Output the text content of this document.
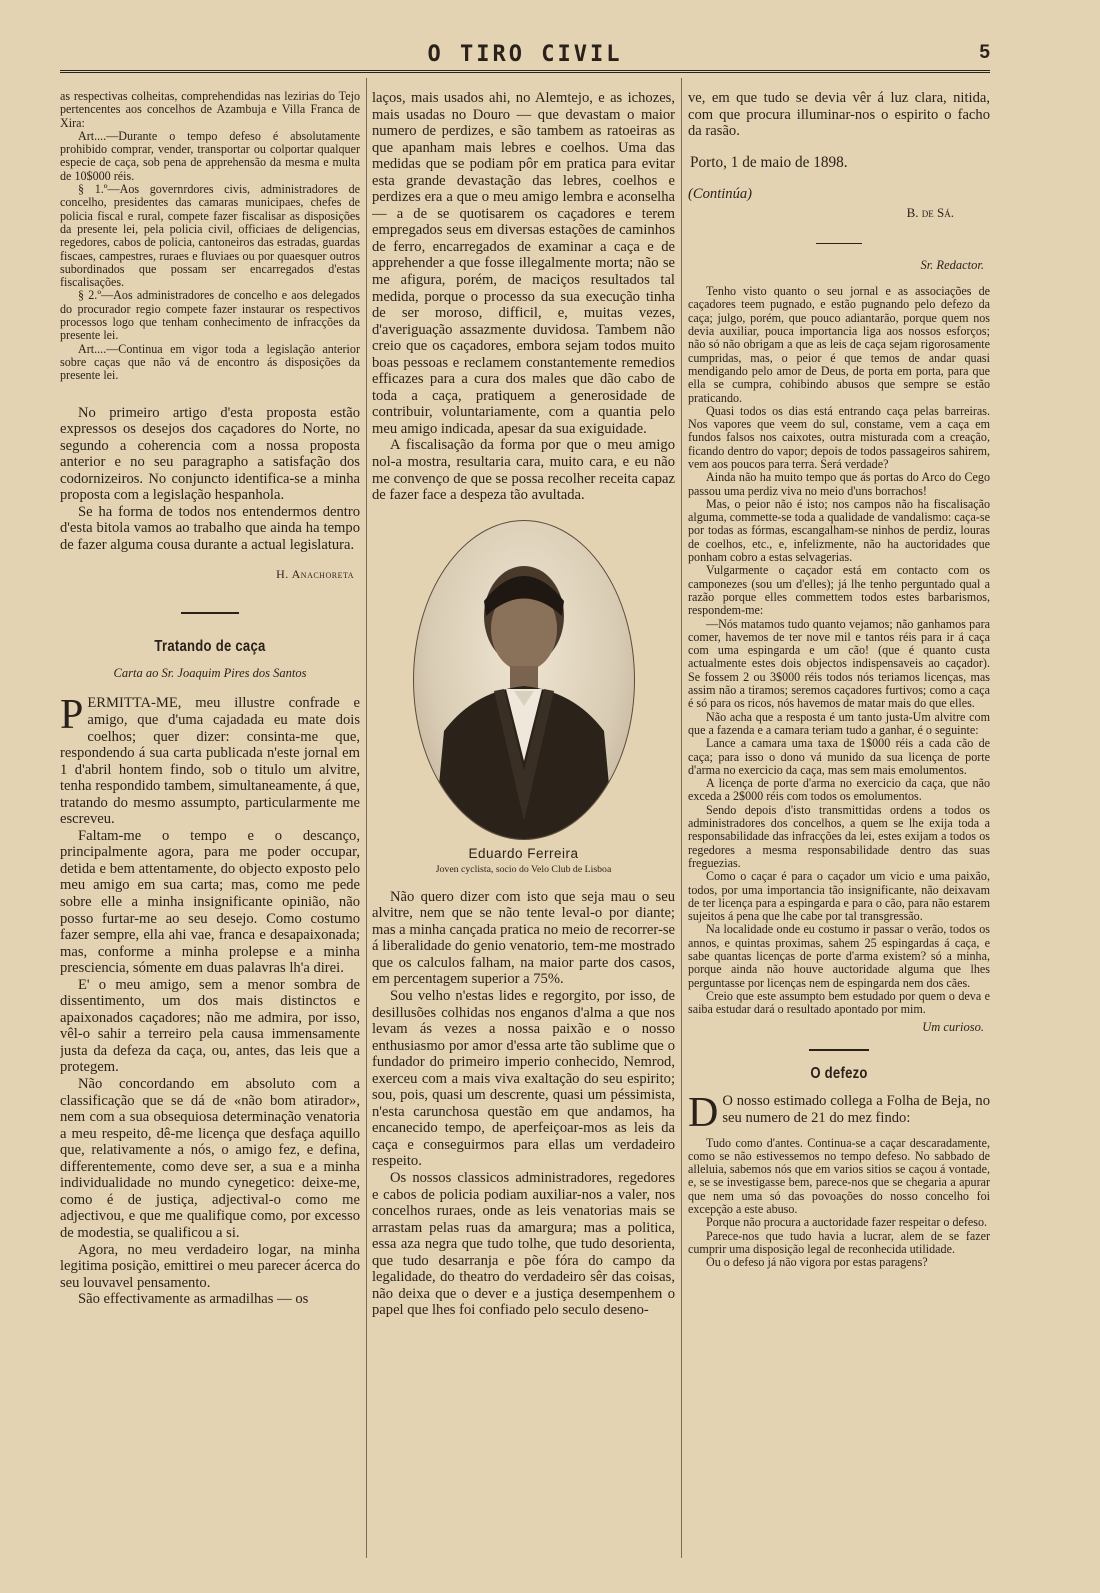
O TIRO CIVIL	5

as respectivas colheitas, comprehendidas nas lezirias do Tejo pertencentes aos concelhos de Azambuja e Villa Franca de Xira:

Art....—Durante o tempo defeso é absolutamente prohibido comprar, vender, transportar ou colportar qualquer especie de caça, sob pena de apprehensão da mesma e multa de 10$000 réis.

§ 1.º—Aos governrdores civis, administradores de concelho, presidentes das camaras municipaes, chefes de policia fiscal e rural, compete fazer fiscalisar as disposições da presente lei, pela policia civil, officiaes de deligencias, regedores, cabos de policia, cantoneiros das estradas, guardas fiscaes, campestres, ruraes e fluviaes ou por quaesquer outros subordinados que possam ser encarregados d'estas fiscalisações.

§ 2.º—Aos administradores de concelho e aos delegados do procurador regio compete fazer instaurar os respectivos processos logo que tenham conhecimento de infracções da presente lei.

Art....—Continua em vigor toda a legislação anterior sobre caças que não vá de encontro ás disposições da presente lei.

No primeiro artigo d'esta proposta estão expressos os desejos dos caçadores do Norte, no segundo a coherencia com a nossa proposta anterior e no seu paragrapho a satisfação dos codornizeiros. No conjuncto identifica-se a minha proposta com a legislação hespanhola.

Se ha forma de todos nos entendermos dentro d'esta bitola vamos ao trabalho que ainda ha tempo de fazer alguma cousa durante a actual legislatura.

H. Anachoreta
Tratando de caça
Carta ao Sr. Joaquim Pires dos Santos

PERMITTA-ME, meu illustre confrade e amigo, que d'uma cajadada eu mate dois coelhos; quer dizer: consinta-me que, respondendo á sua carta publicada n'este jornal em 1 d'abril hontem findo, sob o titulo um alvitre, tenha respondido tambem, simultaneamente, á que, tratando do mesmo assumpto, particularmente me escreveu.

Faltam-me o tempo e o descanço, principalmente agora, para me poder occupar, detida e bem attentamente, do objecto exposto pelo meu amigo em sua carta; mas, como me pede sobre elle a minha insignificante opinião, não posso furtar-me ao seu desejo. Como costumo fazer sempre, ella ahi vae, franca e desapaixonada; mas, conforme a minha prolepse e a minha presciencia, sómente em duas palavras lh'a direi.

E' o meu amigo, sem a menor sombra de dissentimento, um dos mais distinctos e apaixonados caçadores; não me admira, por isso, vêl-o sahir a terreiro pela causa immensamente justa da defeza da caça, ou, antes, das leis que a protegem.

Não concordando em absoluto com a classificação que se dá de «não bom atirador», nem com a sua obsequiosa determinação venatoria a meu respeito, dê-me licença que desfaça aquillo que, relativamente a nós, o amigo fez, e defina, differentemente, como deve ser, a sua e a minha individualidade no mundo cynegetico: deixe-me, como é de justiça, adjectival-o como me adjectivou, e que me qualifique como, por excesso de modestia, se qualificou a si.

Agora, no meu verdadeiro logar, na minha legitima posição, emittirei o meu parecer ácerca do seu louvavel pensamento.

São effectivamente as armadilhas — os

laços, mais usados ahi, no Alemtejo, e as ichozes, mais usadas no Douro — que devastam o maior numero de perdizes, e são tambem as ratoeiras as que apanham mais lebres e coelhos. Uma das medidas que se podiam pôr em pratica para evitar esta grande devastação das lebres, coelhos e perdizes era a que o meu amigo lembra e aconselha — a de se quotisarem os caçadores e terem empregados seus em diversas estações de caminhos de ferro, encarregados de examinar a caça e de apprehender a que fosse illegalmente morta; não se me afigura, porém, de maciços resultados tal medida, porque o processo da sua execução tinha de ser moroso, difficil, e, muitas vezes, d'averiguação assazmente duvidosa. Tambem não creio que os caçadores, embora sejam todos muito boas pessoas e reclamem constantemente remedios efficazes para a cura dos males que dão cabo de toda a caça, pratiquem a generosidade de contribuir, voluntariamente, com a quantia pelo meu amigo indicada, apesar da sua exiguidade.

A fiscalisação da forma por que o meu amigo nol-a mostra, resultaria cara, muito cara, e eu não me convenço de que se possa recolher receita capaz de fazer face a despeza tão avultada.

Eduardo Ferreira
Joven cyclista, socio do Velo Club de Lisboa

Não quero dizer com isto que seja mau o seu alvitre, nem que se não tente leval-o por diante; mas a minha cançada pratica no meio de recorrer-se á liberalidade do genio venatorio, tem-me mostrado que os calculos falham, na maior parte dos casos, em percentagem superior a 75%.

Sou velho n'estas lides e regorgito, por isso, de desillusões colhidas nos enganos d'alma a que nos levam ás vezes a nossa paixão e o nosso enthusiasmo por amor d'essa arte tão sublime que o fundador do primeiro imperio conhecido, Nemrod, exerceu com a mais viva exaltação do seu espirito; sou, pois, quasi um descrente, quasi um péssimista, n'esta carunchosa questão em que andamos, ha encanecido tempo, de aperfeiçoar-mos as leis da caça e conseguirmos para ellas um verdadeiro respeito.

Os nossos classicos administradores, regedores e cabos de policia podiam auxiliar-nos a valer, nos concelhos ruraes, onde as leis venatorias mais se arrastam pelas ruas da amargura; mas a politica, essa aza negra que tudo tolhe, que tudo desorienta, que tudo desarranja e põe fóra do campo da legalidade, do theatro do verdadeiro sêr das coisas, não deixa que o dever e a justiça desempenhem o papel que lhes foi confiado pelo seculo deseno-

ve, em que tudo se devia vêr á luz clara, nitida, com que procura illuminar-nos o espirito o facho da rasão.

Porto, 1 de maio de 1898.

(Continúa)
B. de Sá.
Sr. Redactor.

Tenho visto quanto o seu jornal e as associações de caçadores teem pugnado, e estão pugnando pelo defezo da caça; julgo, porém, que pouco adiantarão, porque quem nos devia auxiliar, pouca importancia liga aos nossos esforços; não só não obrigam a que as leis de caça sejam rigorosamente cumpridas, mas, o peior é que temos de andar quasi mendigando pelo amor de Deus, de porta em porta, para que ella se cumpra, cohibindo abusos que sempre se estão praticando.

Quasi todos os dias está entrando caça pelas barreiras. Nos vapores que veem do sul, constame, vem a caça em fundos falsos nos caixotes, outra misturada com a creação, ficando dentro do vapor; depois de todos passageiros sahirem, vem aos poucos para terra. Será verdade?

Ainda não ha muito tempo que ás portas do Arco do Cego passou uma perdiz viva no meio d'uns borrachos!

Mas, o peior não é isto; nos campos não ha fiscalisação alguma, commette-se toda a qualidade de vandalismo: caça-se por todas as fórmas, escangalham-se ninhos de perdiz, louras de coelhos, etc., e, infelizmente, não ha auctoridades que ponham cobro a estas selvagerias.

Vulgarmente o caçador está em contacto com os camponezes (sou um d'elles); já lhe tenho perguntado qual a razão porque elles commettem todos estes barbarismos, respondem-me:

—Nós matamos tudo quanto vejamos; não ganhamos para comer, havemos de ter nove mil e tantos réis para ir á caça com uma espingarda e um cão! (que é quanto custa actualmente estes dois objectos indispensaveis ao caçador). Se fossem 2 ou 3$000 réis todos nós teriamos licenças, mas assim não a tiramos; seremos caçadores furtivos; como a caça é só para os ricos, nós havemos de matar mais do que elles.

Não acha que a resposta é um tanto justa-Um alvitre com que a fazenda e a camara teriam tudo a ganhar, é o seguinte:

Lance a camara uma taxa de 1$000 réis a cada cão de caça; para isso o dono vá munido da sua licença de porte d'arma no exercicio da caça, mas sem mais emolumentos.

A licença de porte d'arma no exercicio da caça, que não exceda a 2$000 réis com todos os emolumentos.

Sendo depois d'isto transmittidas ordens a todos os administradores dos concelhos, a quem se lhe exija toda a responsabilidade das infracções da lei, estes exijam a todos os regedores a mesma responsabilidade dentro das suas freguezias.

Como o caçar é para o caçador um vicio e uma paixão, todos, por uma importancia tão insignificante, não deixavam de ter licença para a espingarda e para o cão, para não estarem sujeitos á pena que lhe cabe por tal transgressão.

Na localidade onde eu costumo ir passar o verão, todos os annos, e quintas proximas, sahem 25 espingardas á caça, e sabe quantas licenças de porte d'arma existem? só a minha, porque ainda não houve auctoridade alguma que lhes perguntasse por licenças nem de espingarda nem dos cães.

Creio que este assumpto bem estudado por quem o deva e saiba estudar dará o resultado apontado por mim.

Um curioso.
O defezo

D O nosso estimado collega a Folha de Beja, no seu numero de 21 do mez findo:

Tudo como d'antes. Continua-se a caçar descaradamente, como se não estivessemos no tempo defeso. No sabbado de alleluia, sabemos nós que em varios sitios se caçou á vontade, e, se se investigasse bem, parece-nos que se chegaria a apurar que nem uma só das povoações do nosso concelho foi excepção a este abuso.

Porque não procura a auctoridade fazer respeitar o defeso.

Parece-nos que tudo havia a lucrar, alem de se fazer cumprir uma disposição legal de reconhecida utilidade.

Ou o defeso já não vigora por estas paragens?
